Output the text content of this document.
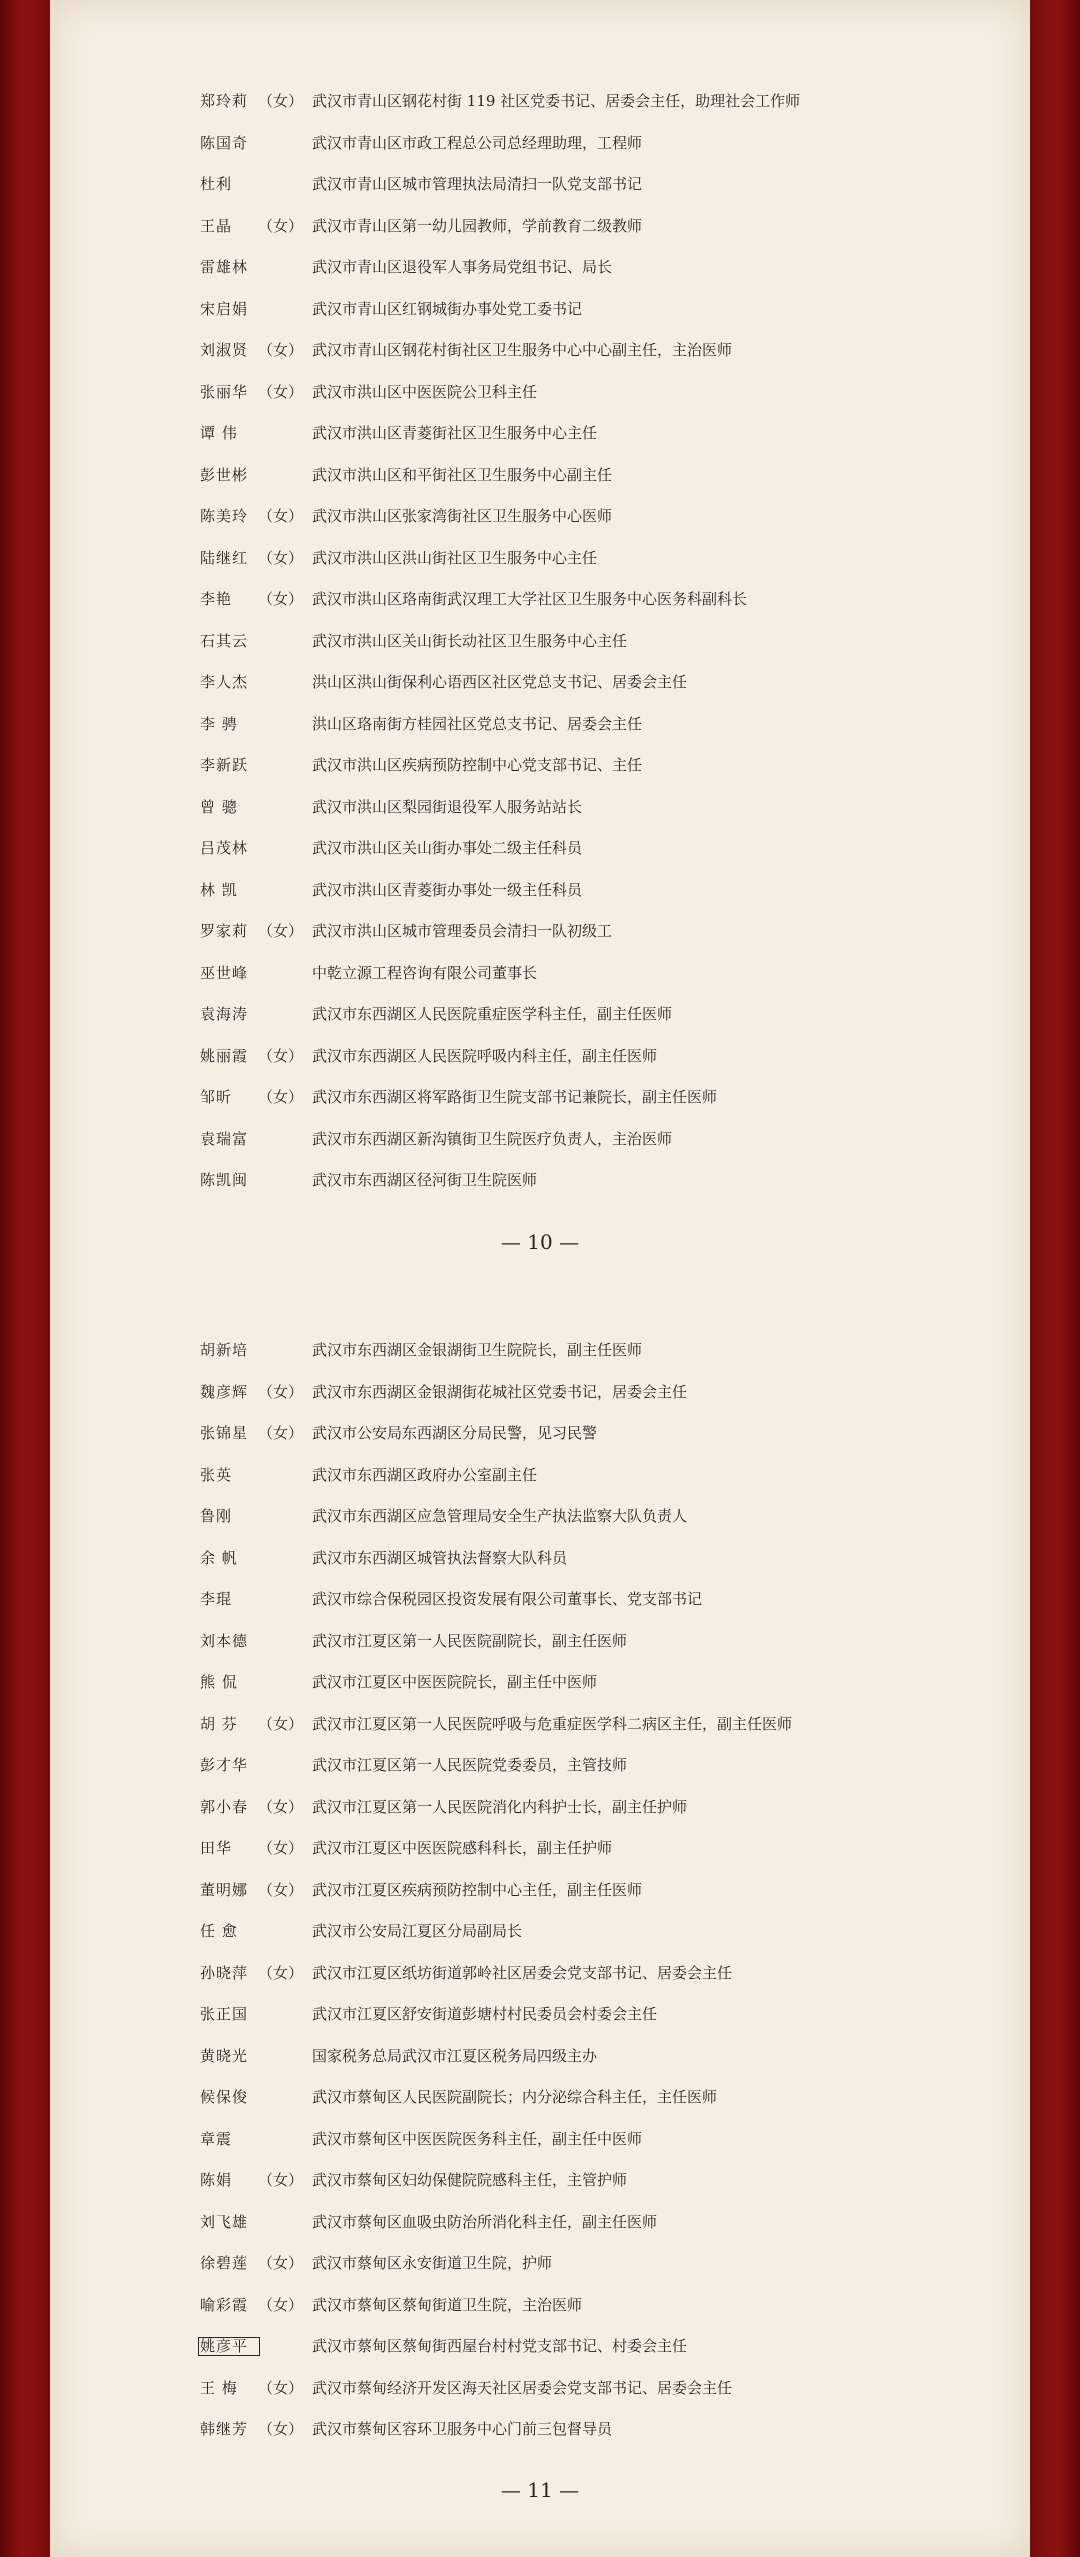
郑玲莉 （女） 武汉市青山区钢花村街 119 社区党委书记、居委会主任，助理社会工作师
陈国奇	武汉市青山区市政工程总公司总经理助理，工程师
杜利	武汉市青山区城市管理执法局清扫一队党支部书记
王晶	（女） 武汉市青山区第一幼儿园教师，学前教育二级教师
雷雄林	武汉市青山区退役军人事务局党组书记、局长
宋启娟	武汉市青山区红钢城街办事处党工委书记
刘淑贤 （女） 武汉市青山区钢花村街社区卫生服务中心中心副主任，主治医师
张丽华 （女） 武汉市洪山区中医医院公卫科主任
谭 伟	武汉市洪山区青菱街社区卫生服务中心主任
彭世彬	武汉市洪山区和平街社区卫生服务中心副主任
陈美玲 （女） 武汉市洪山区张家湾街社区卫生服务中心医师
陆继红 （女） 武汉市洪山区洪山街社区卫生服务中心主任
李艳	（女） 武汉市洪山区珞南街武汉理工大学社区卫生服务中心医务科副科长
石其云	武汉市洪山区关山街长动社区卫生服务中心主任
李人杰	洪山区洪山街保利心语西区社区党总支书记、居委会主任
李 骋	洪山区珞南街方桂园社区党总支书记、居委会主任
李新跃	武汉市洪山区疾病预防控制中心党支部书记、主任
曾 骢	武汉市洪山区梨园街退役军人服务站站长
吕茂林	武汉市洪山区关山街办事处二级主任科员
林 凯	武汉市洪山区青菱街办事处一级主任科员
罗家莉 （女） 武汉市洪山区城市管理委员会清扫一队初级工
巫世峰	中乾立源工程咨询有限公司董事长
袁海涛	武汉市东西湖区人民医院重症医学科主任，副主任医师
姚丽霞 （女） 武汉市东西湖区人民医院呼吸内科主任，副主任医师
邹昕	（女） 武汉市东西湖区将军路街卫生院支部书记兼院长，副主任医师
袁瑞富	武汉市东西湖区新沟镇街卫生院医疗负责人，主治医师
陈凯闽	武汉市东西湖区径河街卫生院医师
— 10 —
胡新培	武汉市东西湖区金银湖街卫生院院长，副主任医师
魏彦辉 （女） 武汉市东西湖区金银湖街花城社区党委书记，居委会主任
张锦星 （女） 武汉市公安局东西湖区分局民警，见习民警
张英	武汉市东西湖区政府办公室副主任
鲁刚	武汉市东西湖区应急管理局安全生产执法监察大队负责人
余 帆	武汉市东西湖区城管执法督察大队科员
李琨	武汉市综合保税园区投资发展有限公司董事长、党支部书记
刘本德	武汉市江夏区第一人民医院副院长，副主任医师
熊 侃	武汉市江夏区中医医院院长，副主任中医师
胡 芬	（女） 武汉市江夏区第一人民医院呼吸与危重症医学科二病区主任，副主任医师
彭才华	武汉市江夏区第一人民医院党委委员，主管技师
郭小春 （女） 武汉市江夏区第一人民医院消化内科护士长，副主任护师
田华	（女） 武汉市江夏区中医医院感科科长，副主任护师
董明娜 （女） 武汉市江夏区疾病预防控制中心主任，副主任医师
任 愈	武汉市公安局江夏区分局副局长
孙晓萍 （女） 武汉市江夏区纸坊街道郭岭社区居委会党支部书记、居委会主任
张正国	武汉市江夏区舒安街道彭塘村村民委员会村委会主任
黄晓光	国家税务总局武汉市江夏区税务局四级主办
候保俊	武汉市蔡甸区人民医院副院长；内分泌综合科主任，主任医师
章震	武汉市蔡甸区中医医院医务科主任，副主任中医师
陈娟	（女） 武汉市蔡甸区妇幼保健院院感科主任，主管护师
刘飞雄	武汉市蔡甸区血吸虫防治所消化科主任，副主任医师
徐碧莲 （女） 武汉市蔡甸区永安街道卫生院，护师
喻彩霞 （女） 武汉市蔡甸区蔡甸街道卫生院，主治医师
姚彦平	武汉市蔡甸区蔡甸街西屋台村村党支部书记、村委会主任
王 梅	（女） 武汉市蔡甸经济开发区海天社区居委会党支部书记、居委会主任
韩继芳 （女） 武汉市蔡甸区容环卫服务中心门前三包督导员
— 11 —
